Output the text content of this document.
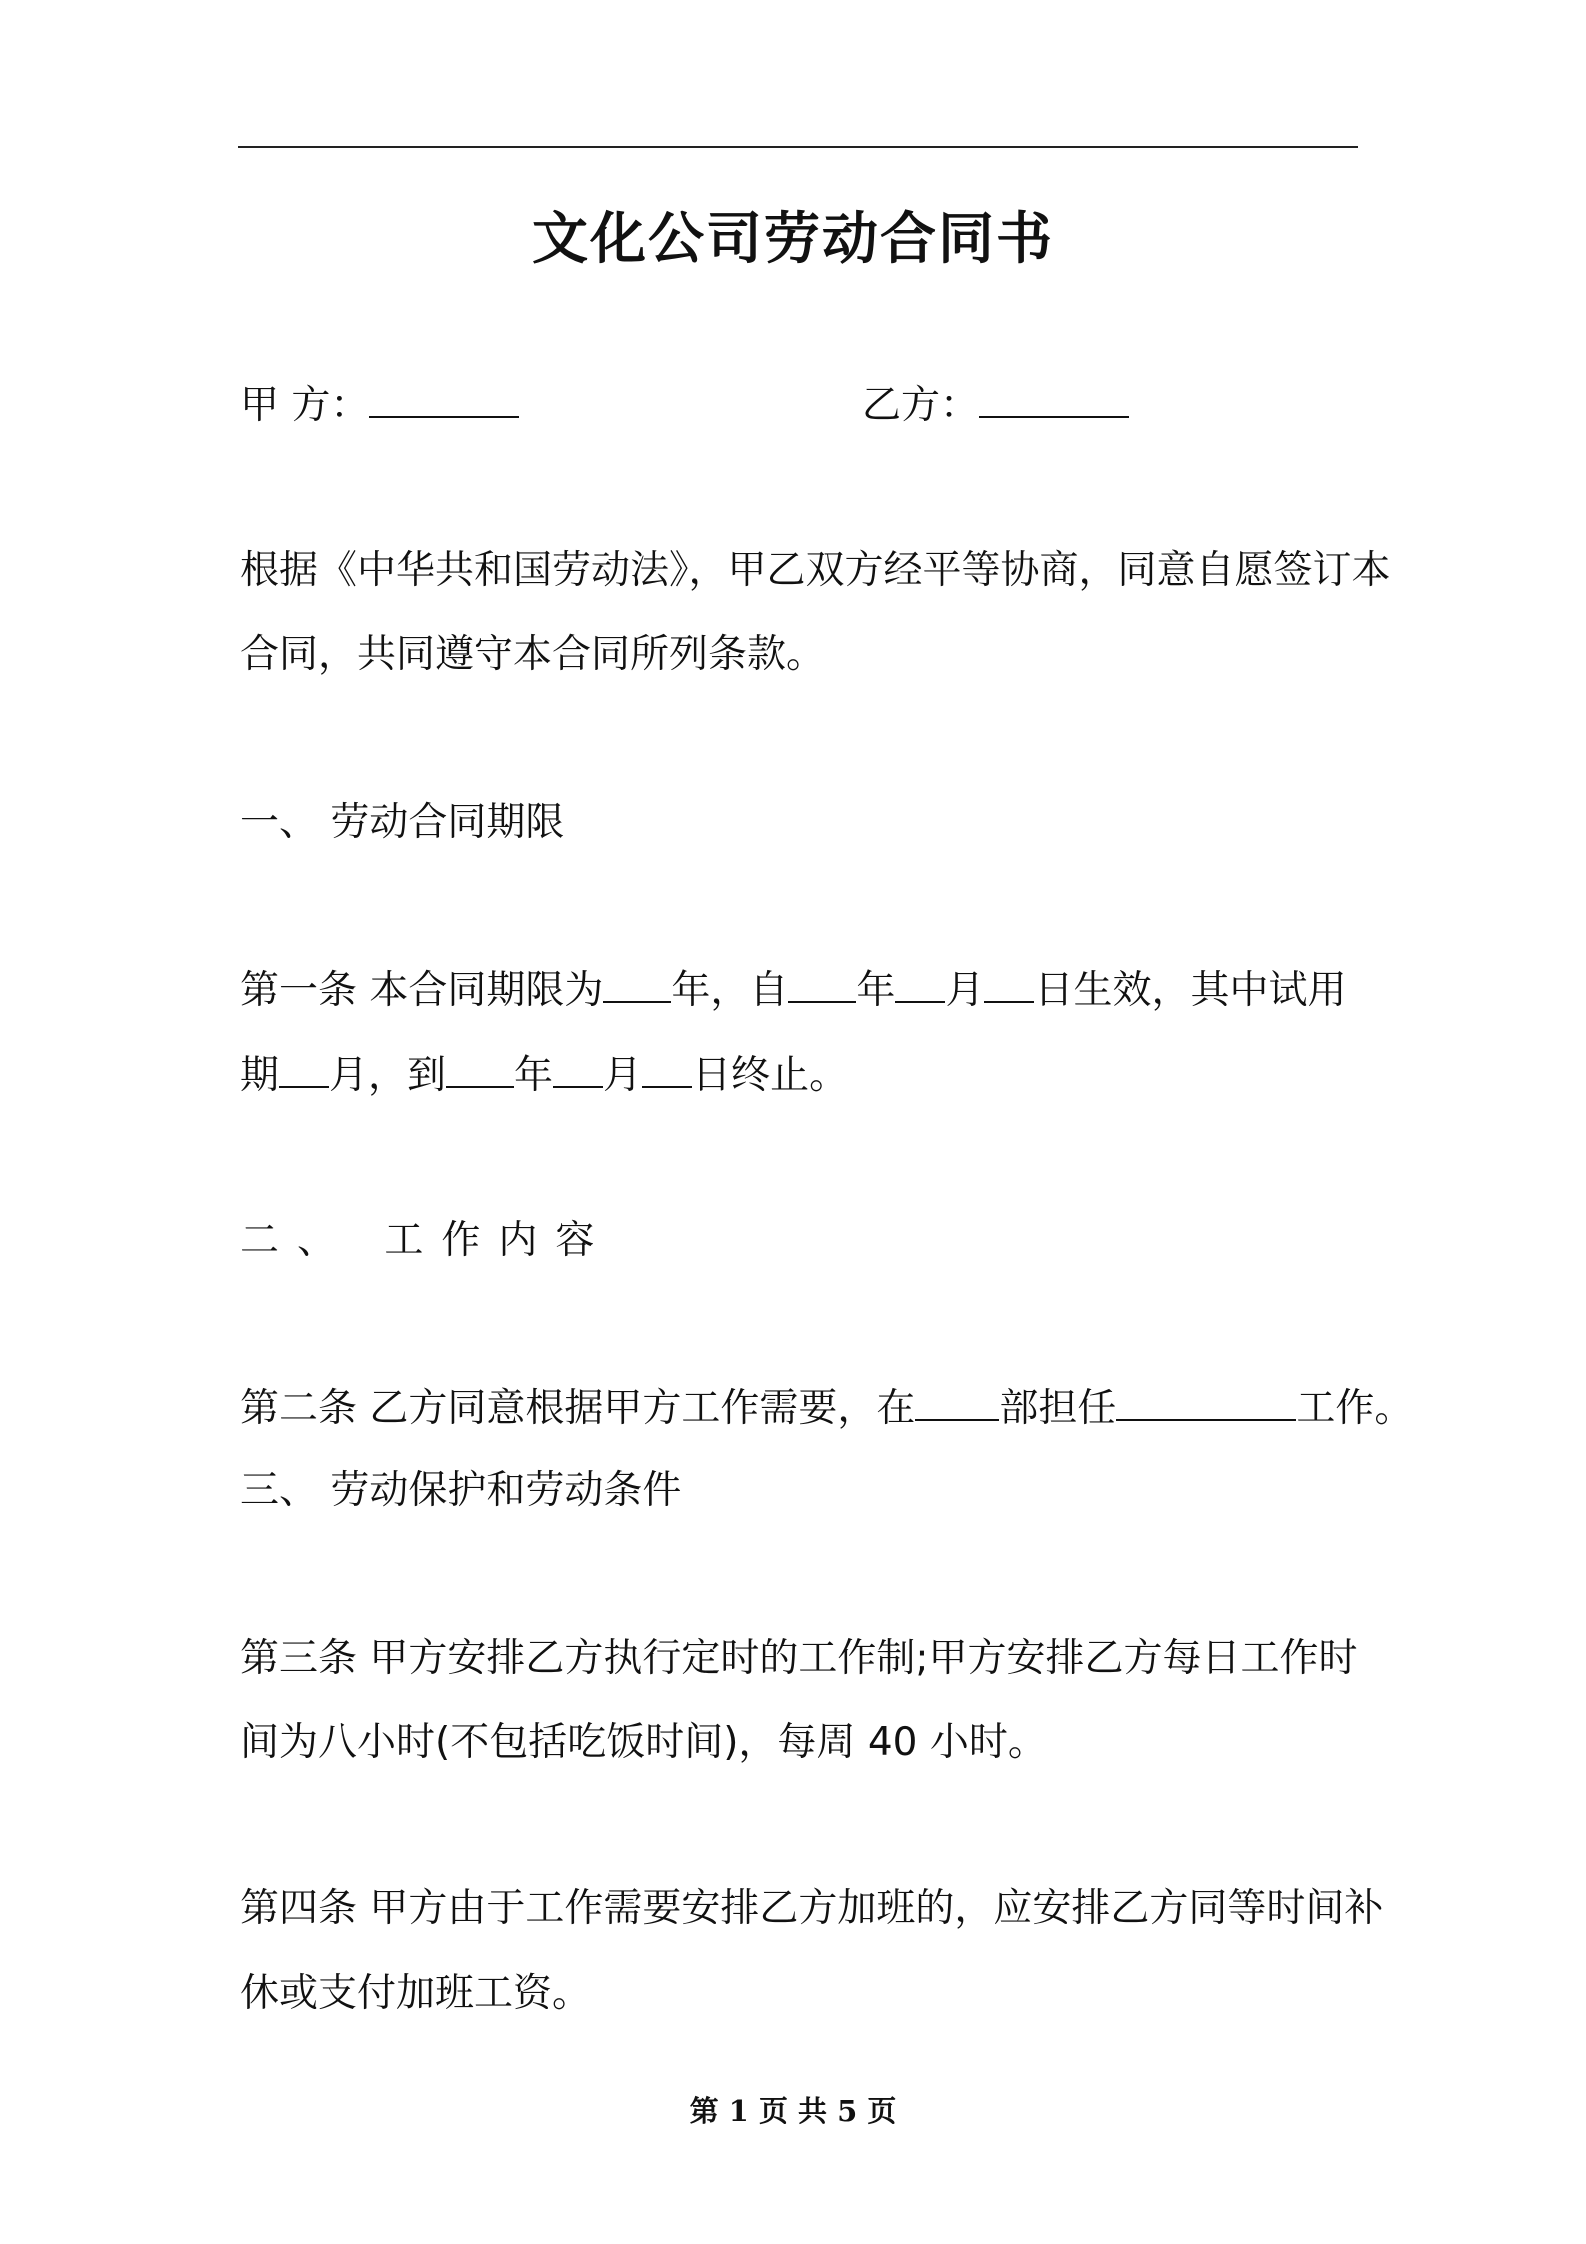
文化公司劳动合同书
甲 方：	乙方：
根据《中华共和国劳动法》，甲乙双方经平等协商，同意自愿签订本
合同，共同遵守本合同所列条款。
一、 劳动合同期限
第一条 本合同期限为 年，自 年 月 日生效，其中试用
期 月，到 年 月 日终止。
二、 工作内容
第二条 乙方同意根据甲方工作需要，在 部担任	工作。
三、 劳动保护和劳动条件
第三条 甲方安排乙方执行定时的工作制;甲方安排乙方每日工作时
间为八小时(不包括吃饭时间)，每周 40 小时。
第四条 甲方由于工作需要安排乙方加班的，应安排乙方同等时间补
休或支付加班工资。
第 1 页 共 5 页
